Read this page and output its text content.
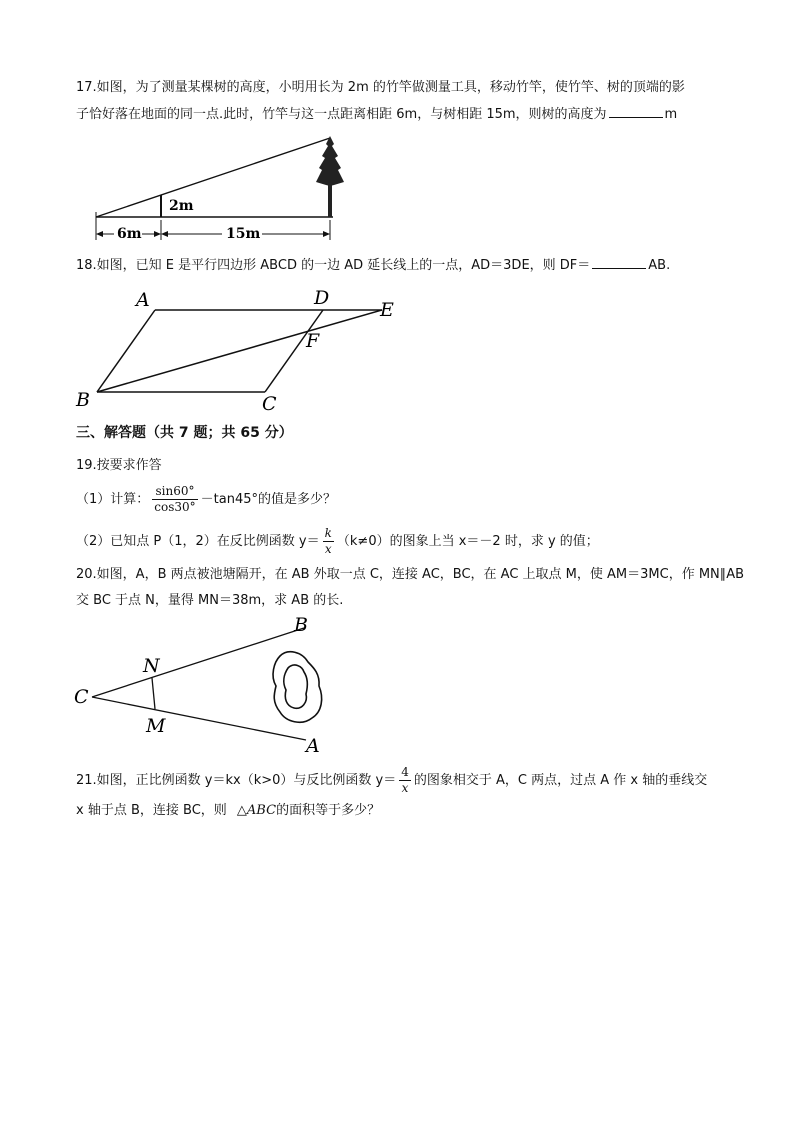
17.如图，为了测量某棵树的高度，小明用长为 2m 的竹竿做测量工具，移动竹竿，使竹竿、树的顶端的影
子恰好落在地面的同一点.此时，竹竿与这一点距离相距 6m，与树相距 15m，则树的高度为	m
2m
6m	15m
18.如图，已知 E 是平行四边形 ABCD 的一边 AD 延长线上的一点，AD＝3DE，则 DF＝	AB.
A	D
E
F
B	C
三、解答题（共 7 题；共 65 分）
19.按要求作答
（1）计算： $\frac{\sin 60^\circ}{\cos 30^\circ} -\tan 45^\circ$的值是多少？
（2）已知点 P（1，2）在反比例函数 $y= \frac{k}{x} (k\ne 0)$的图象上当 x＝－2 时，求 y 的值；
20.如图，A，B 两点被池塘隔开，在 AB 外取一点 C，连接 AC，BC，在 AC 上取点 M，使 AM＝3MC，作 MN∥AB
交 BC 于点 N，量得 MN＝38m，求 AB 的长.
C
N
M
B
A
21.如图，正比例函数 y＝kx（k>0）与反比例函数 $y= \frac{4}{x}$ 的图象相交于 A，C 两点，过点 A 作 x 轴的垂线交
x 轴于点 B，连接 BC，则 △ABC的面积等于多少？
